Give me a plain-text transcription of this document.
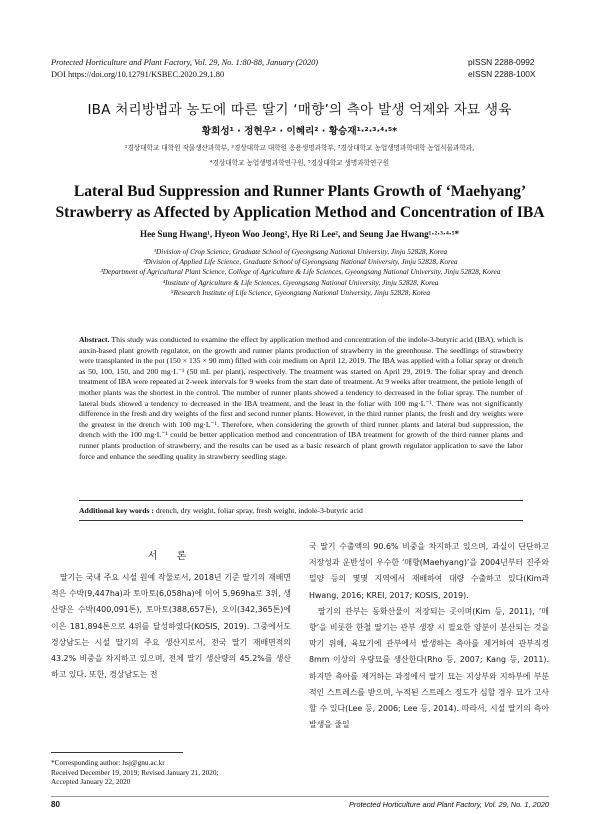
Protected Horticulture and Plant Factory, Vol. 29, No. 1:80-88, January (2020)
DOI https://doi.org/10.12791/KSBEC.2020.29.1.80
pISSN 2288-0992
eISSN 2288-100X
IBA 처리방법과 농도에 따른 딸기 ‘매향’의 측아 발생 억제와 자묘 생육
황희성¹ · 정현우² · 이혜리² · 황승재¹·²·³·⁴·⁵*
¹경상대학교 대학원 작물생산과학부, ²경상대학교 대학원 응용생명과학부, ³경상대학교 농업생명과학대학 농업식물과학과,
⁴경상대학교 농업생명과학연구원, ⁵경상대학교 생명과학연구원
Lateral Bud Suppression and Runner Plants Growth of ‘Maehyang’
Strawberry as Affected by Application Method and Concentration of IBA
Hee Sung Hwang¹, Hyeon Woo Jeong², Hye Ri Lee², and Seung Jae Hwang¹·²·³·⁴·⁵*
¹Division of Crop Science, Graduate School of Gyeongsang National University, Jinju 52828, Korea
²Division of Applied Life Science, Graduate School of Gyeongsang National University, Jinju 52828, Korea
³Department of Agricultural Plant Science, College of Agriculture & Life Sciences, Gyeongsang National University, Jinju 52828, Korea
⁴Institute of Agriculture & Life Sciences, Gyeongsang National University, Jinju 52828, Korea
⁵Research Institute of Life Science, Gyeongsang National University, Jinju 52828, Korea
Abstract. This study was conducted to examine the effect by application method and concentration of the indole-3-butyric acid (IBA), which is auxin-based plant growth regulator, on the growth and runner plants production of strawberry in the greenhouse. The seedlings of strawberry were transplanted in the pot (150 × 135 × 90 mm) filled with coir medium on April 12, 2019. The IBA was applied with a foliar spray or drench as 50, 100, 150, and 200 mg·L⁻¹ (50 mL per plant), respectively. The treatment was started on April 29, 2019. The foliar spray and drench treatment of IBA were repeated at 2-week intervals for 9 weeks from the start date of treatment. At 9 weeks after treatment, the petiole length of mother plants was the shortest in the control. The number of runner plants showed a tendency to decreased in the foliar spray. The number of lateral buds showed a tendency to decreased in the IBA treatment, and the least in the foliar with 100 mg·L⁻¹. There was not significantly difference in the fresh and dry weights of the first and second runner plants. However, in the third runner plants, the fresh and dry weights were the greatest in the drench with 100 mg·L⁻¹. Therefore, when considering the growth of third runner plants and lateral bud suppression, the drench with the 100 mg·L⁻¹ could be better application method and concentration of IBA treatment for growth of the third runner plants and runner plants production of strawberry, and the results can be used as a basic research of plant growth regulator application to save the labor force and enhance the seedling quality in strawberry seedling stage.
Additional key words : drench, dry weight, foliar spray, fresh weight, indole-3-butyric acid
서 론

딸기는 국내 주요 시설 원예 작물로서, 2018년 기준 딸기의 재배면적은 수박(9,447ha)과 토마토(6,058ha)에 이어 5,969ha로 3위, 생산량은 수박(400,091톤), 토마토(388,657톤), 오이(342,365톤)에 이은 181,894톤으로 4위를 달성하였다(KOSIS, 2019). 그중에서도 경상남도는 시설 딸기의 주요 생산지로서, 전국 딸기 재배면적의 43.2% 비중을 차지하고 있으며, 전체 딸기 생산량의 45.2%를 생산하고 있다. 또한, 경상남도는 전

국 딸기 수출액의 90.6% 비중을 차지하고 있으며, 과실이 단단하고 저장성과 운반성이 우수한 ‘매향(Maehyang)’을 2004년부터 진주와 밀양 등의 몇몇 지역에서 재배하여 대량 수출하고 있다(Kim과 Hwang, 2016; KREI, 2017; KOSIS, 2019).

딸기의 관부는 동화산물이 저장되는 곳이며(Kim 등, 2011), ‘매향’을 비롯한 한철 딸기는 관부 생장 시 필요한 양분이 분산되는 것을 막기 위해, 육묘기에 관부에서 발생하는 측아를 제거하여 관부직경 8mm 이상의 우량묘를 생산한다(Rho 등, 2007; Kang 등, 2011). 하지만 측아를 제거하는 과정에서 딸기 묘는 지상부와 지하부에 부분적인 스트레스를 받으며, 누적된 스트레스 정도가 심할 경우 묘가 고사할 수 있다(Lee 등, 2006; Lee 등, 2014). 따라서, 시설 딸기의 측아 발생을 줄일

*Corresponding author: hsj@gnu.ac.kr
Received December 19, 2019; Revised January 21, 2020;
Accepted January 22, 2020
80	Protected Horticulture and Plant Factory, Vol. 29, No. 1, 2020
